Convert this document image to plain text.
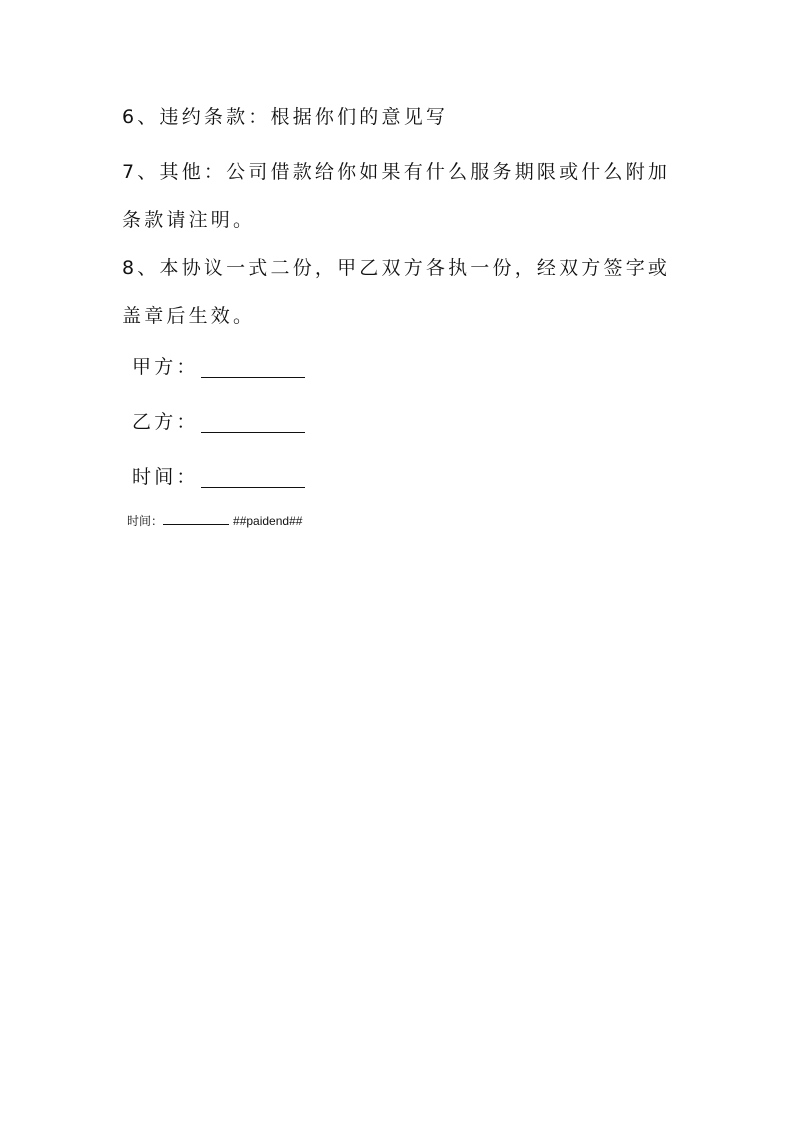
6、违约条款：根据你们的意见写
7、其他：公司借款给你如果有什么服务期限或什么附加条款请注明。
8、本协议一式二份，甲乙双方各执一份，经双方签字或盖章后生效。
甲方：
乙方：
时间：
时间：	##paidend##
